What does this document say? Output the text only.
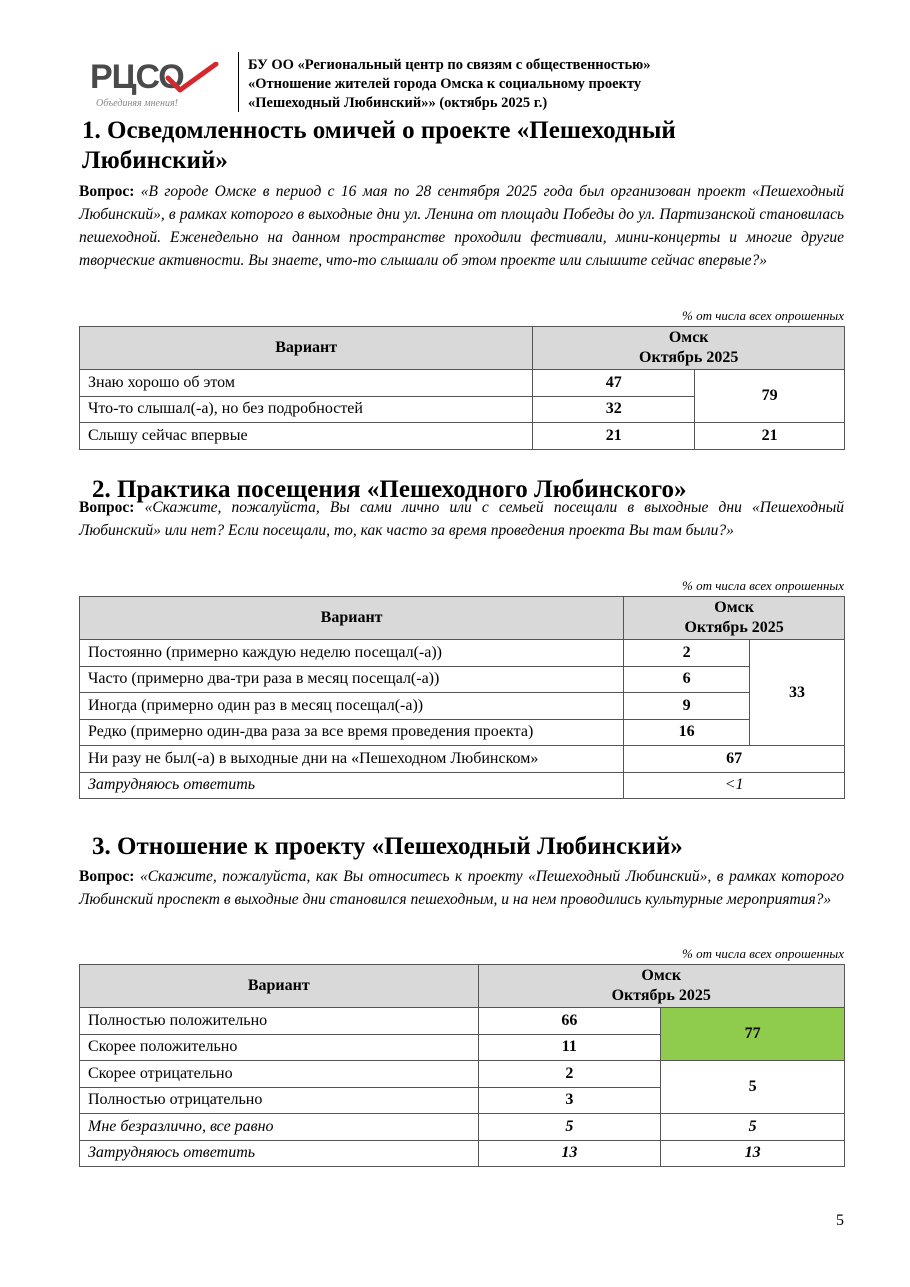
РЦСО
Объединяя мнения!
БУ ОО «Региональный центр по связям с общественностью»
«Отношение жителей города Омска к социальному проекту
«Пешеходный Любинский»» (октябрь 2025 г.)
1. Осведомленность омичей о проекте «Пешеходный
Любинский»
Вопрос: «В городе Омске в период с 16 мая по 28 сентября 2025 года был организован проект «Пешеходный Любинский», в рамках которого в выходные дни ул. Ленина от площади Победы до ул. Партизанской становилась пешеходной. Еженедельно на данном пространстве проходили фестивали, мини-концерты и многие другие творческие активности. Вы знаете, что-то слышали об этом проекте или слышите сейчас впервые?»
% от числа всех опрошенных
Вариант	Омск
Октябрь 2025	
Знаю хорошо об этом	47	79
Что-то слышал(-а), но без подробностей	32	
Слышу сейчас впервые	21	21
2. Практика посещения «Пешеходного Любинского»
Вопрос: «Скажите, пожалуйста, Вы сами лично или с семьей посещали в выходные дни «Пешеходный Любинский» или нет? Если посещали, то, как часто за время проведения проекта Вы там были?»
% от числа всех опрошенных
Вариант	Омск
Октябрь 2025	
Постоянно (примерно каждую неделю посещал(-а))	2	33
Часто (примерно два-три раза в месяц посещал(-а))	6	
Иногда (примерно один раз в месяц посещал(-а))	9	
Редко (примерно один-два раза за все время проведения проекта)	16	
Ни разу не был(-а) в выходные дни на «Пешеходном Любинском»	67	
Затрудняюсь ответить	<1	
3. Отношение к проекту «Пешеходный Любинский»
Вопрос: «Скажите, пожалуйста, как Вы относитесь к проекту «Пешеходный Любинский», в рамках которого Любинский проспект в выходные дни становился пешеходным, и на нем проводились культурные мероприятия?»
% от числа всех опрошенных
Вариант	Омск
Октябрь 2025	
Полностью положительно	66	77
Скорее положительно	11	
Скорее отрицательно	2	5
Полностью отрицательно	3	
Мне безразлично, все равно	5	5
Затрудняюсь ответить	13	13
5
